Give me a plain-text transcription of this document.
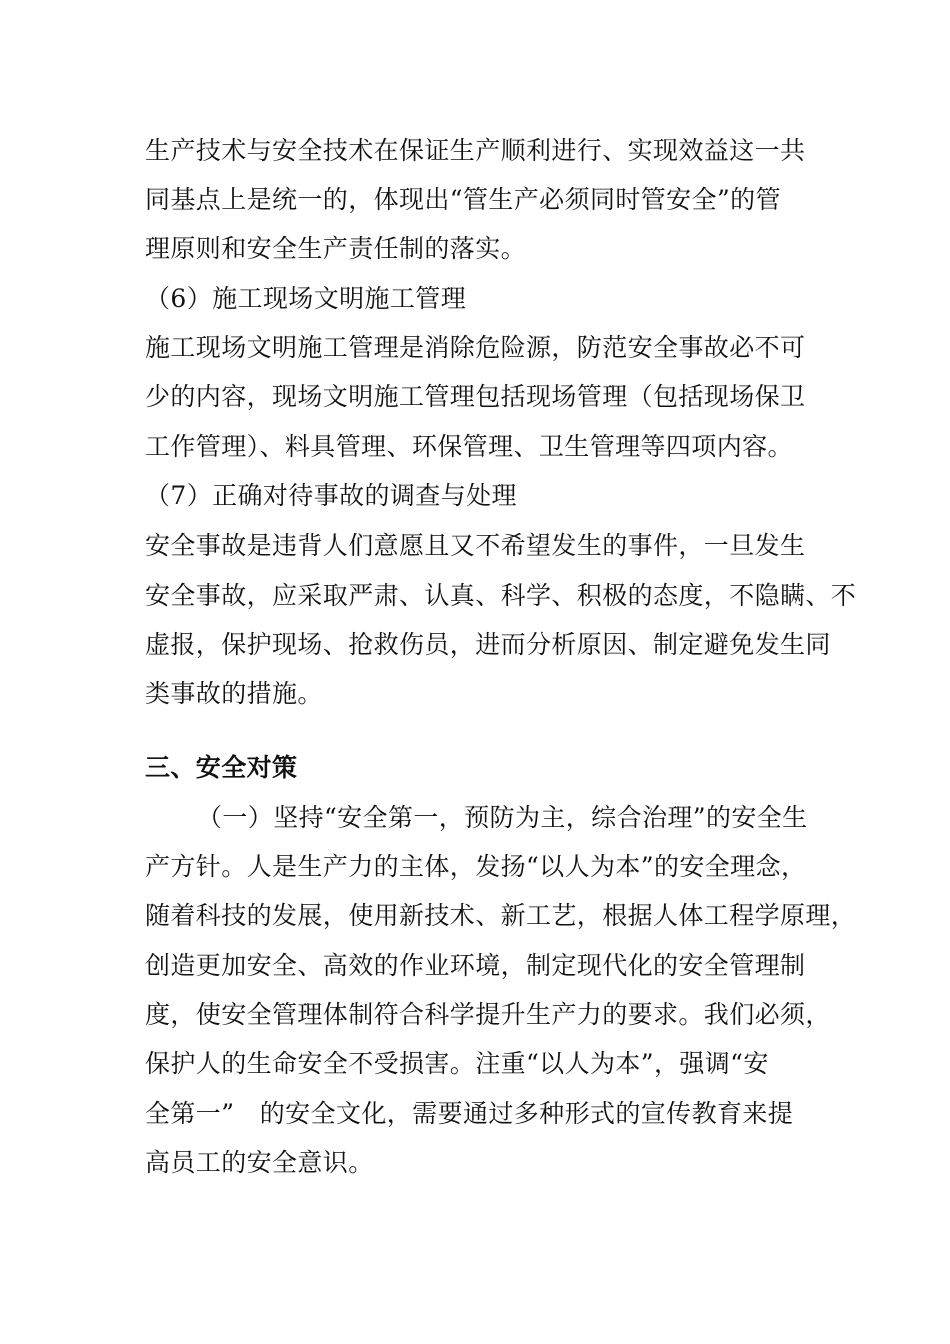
生产技术与安全技术在保证生产顺利进行、实现效益这一共
同基点上是统一的，体现出“管生产必须同时管安全”的管
理原则和安全生产责任制的落实。
（6）施工现场文明施工管理
施工现场文明施工管理是消除危险源，防范安全事故必不可
少的内容，现场文明施工管理包括现场管理（包括现场保卫
工作管理）、料具管理、环保管理、卫生管理等四项内容。
（7）正确对待事故的调查与处理
安全事故是违背人们意愿且又不希望发生的事件，一旦发生
安全事故，应采取严肃、认真、科学、积极的态度，不隐瞒、不
虚报，保护现场、抢救伤员，进而分析原因、制定避免发生同
类事故的措施。
三、安全对策
（一）坚持“安全第一，预防为主，综合治理”的安全生
产方针。人是生产力的主体，发扬“以人为本”的安全理念，
随着科技的发展，使用新技术、新工艺，根据人体工程学原理，
创造更加安全、高效的作业环境，制定现代化的安全管理制
度，使安全管理体制符合科学提升生产力的要求。我们必须，
保护人的生命安全不受损害。注重“以人为本”，强调“安
全第一”　的安全文化，需要通过多种形式的宣传教育来提
高员工的安全意识。
